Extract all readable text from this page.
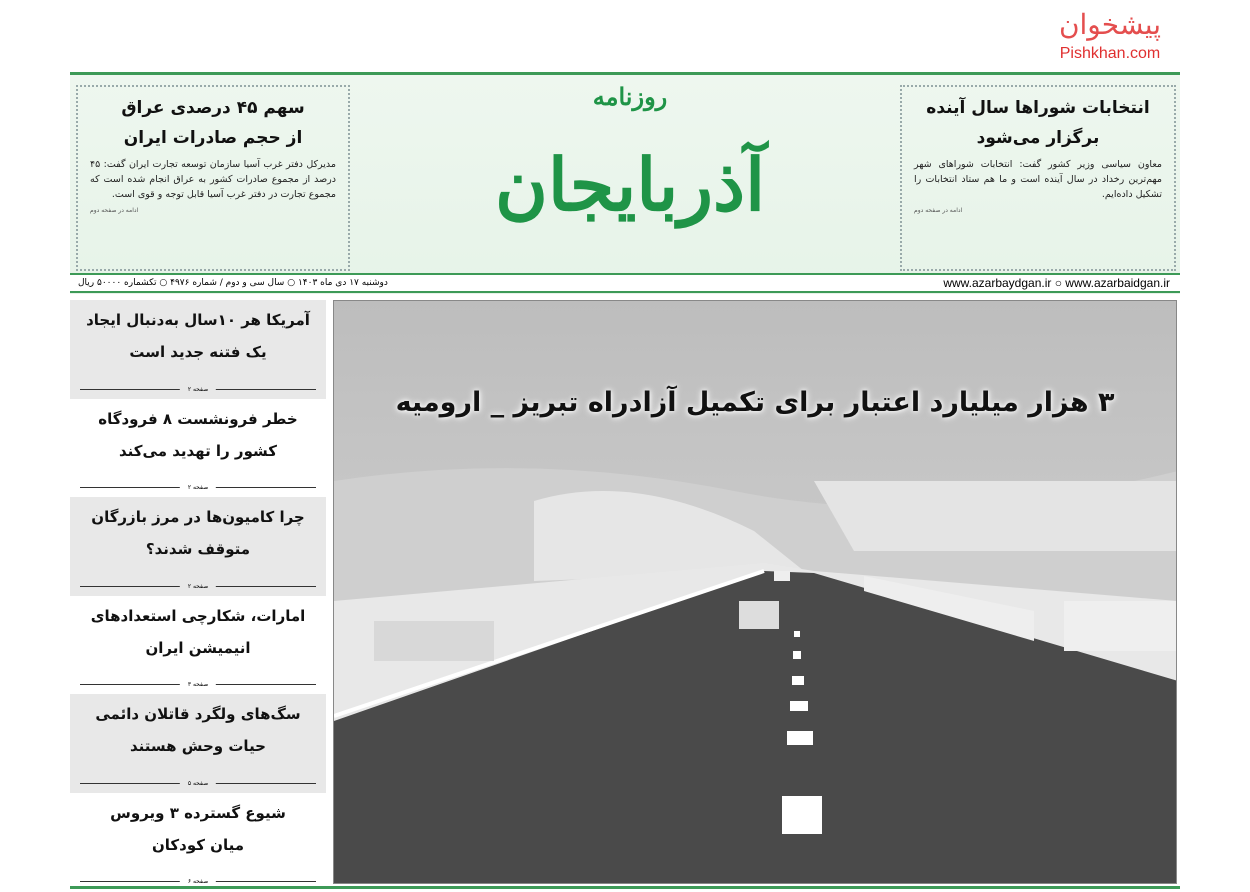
سهم ۴۵ درصدی عراق
از حجم صادرات ایران

مدیرکل دفتر غرب آسیا سازمان توسعه تجارت ایران گفت: ۴۵ درصد از مجموع صادرات کشور به عراق انجام شده است که مجموع تجارت در دفتر غرب آسیا قابل توجه و قوی است.

ادامه در صفحه دوم
روزنامه
آذربایجان
انتخابات شوراها سال آینده
برگزار می‌شود

معاون سیاسی وزیر کشور گفت: انتخابات شوراهای شهر مهم‌ترین رخداد در سال آینده است و ما هم ستاد انتخابات را تشکیل داده‌ایم.

ادامه در صفحه دوم
پیشخوان
Pishkhan.com
دوشنبه ۱۷ دی ماه ۱۴۰۳ ○ سال سی و دوم / شماره ۴۹۷۶ ○ تکشماره ۵۰۰۰۰ ریال	www.azarbaydgan.ir ○ www.azarbaidgan.ir
آمریکا هر ۱۰سال به‌دنبال ایجاد
یک فتنه جدید است
صفحه ۲
خطر فرونشست ۸ فرودگاه
کشور را تهدید می‌کند
صفحه ۲
چرا کامیون‌ها در مرز بازرگان
متوقف شدند؟
صفحه ۲
امارات، شکارچی استعدادهای
انیمیشن ایران
صفحه ۳
سگ‌های ولگرد قاتلان دائمی
حیات وحش هستند
صفحه ۵
شیوع گسترده ۳ ویروس
میان کودکان
صفحه ۶
۳ هزار میلیارد اعتبار برای تکمیل آزادراه تبریز _ ارومیه
